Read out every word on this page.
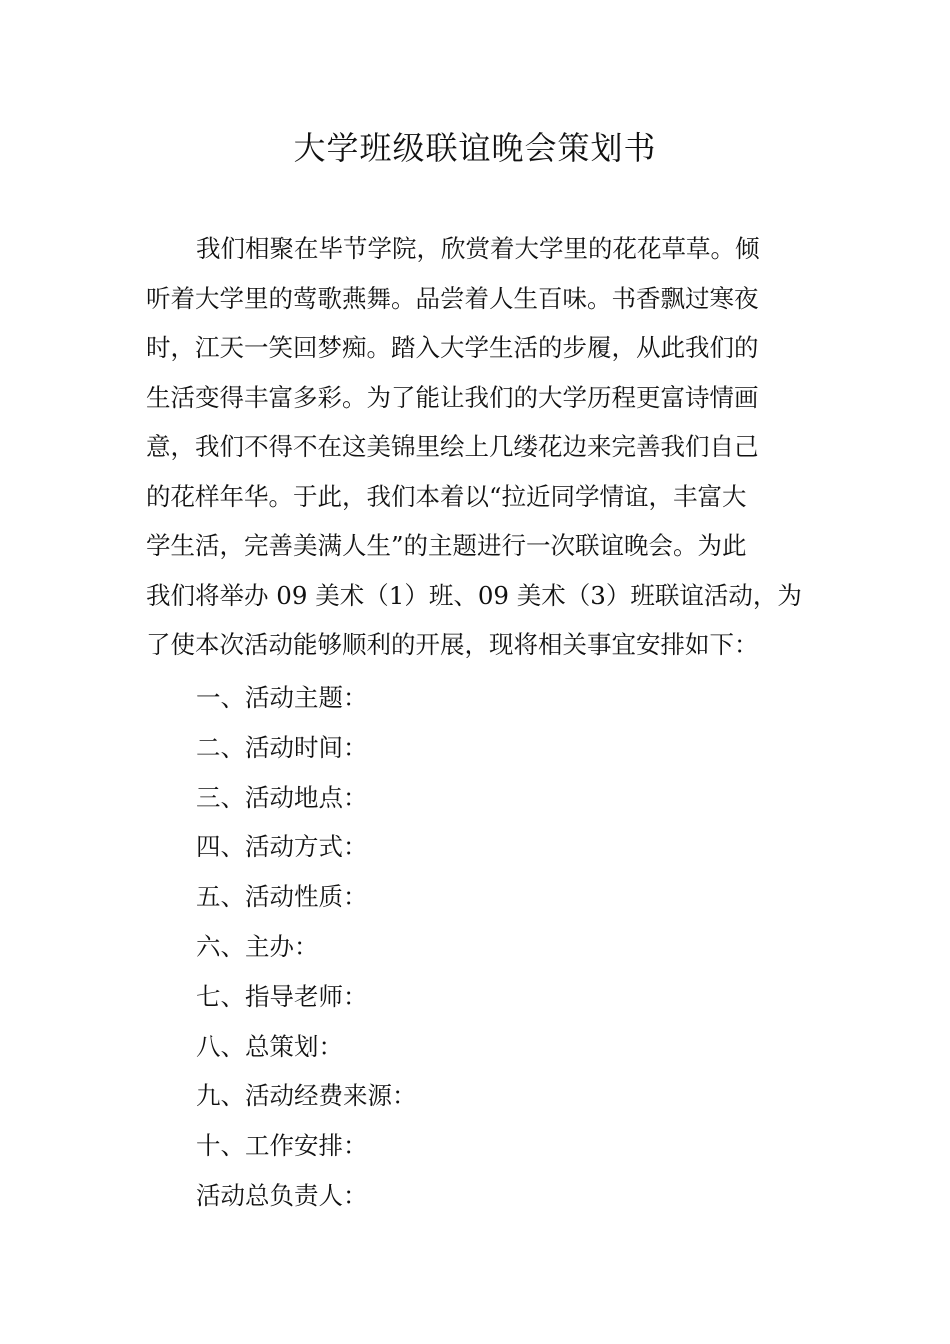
大学班级联谊晚会策划书
我们相聚在毕节学院，欣赏着大学里的花花草草。倾
听着大学里的莺歌燕舞。品尝着人生百味。书香飘过寒夜
时，江天一笑回梦痴。踏入大学生活的步履，从此我们的
生活变得丰富多彩。为了能让我们的大学历程更富诗情画
意，我们不得不在这美锦里绘上几缕花边来完善我们自己
的花样年华。于此，我们本着以“拉近同学情谊，丰富大
学生活，完善美满人生”的主题进行一次联谊晚会。为此
我们将举办 09 美术（1）班、09 美术（3）班联谊活动，为
了使本次活动能够顺利的开展，现将相关事宜安排如下：
一、活动主题：
二、活动时间：
三、活动地点：
四、活动方式：
五、活动性质：
六、主办：
七、指导老师：
八、总策划：
九、活动经费来源：
十、工作安排：
活动总负责人：
